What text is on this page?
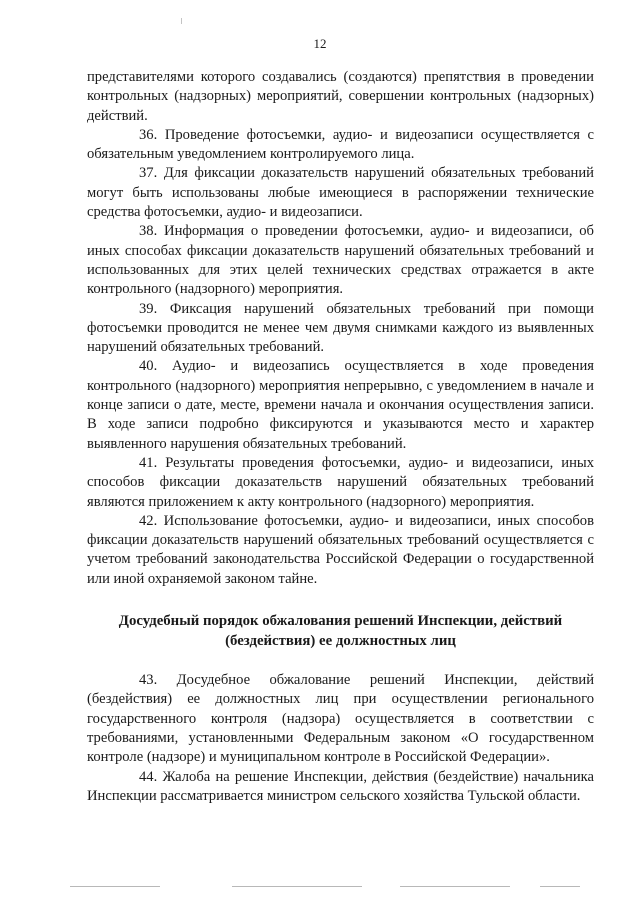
12

представителями которого создавались (создаются) препятствия в проведении контрольных (надзорных) мероприятий, совершении контрольных (надзорных) действий.

36. Проведение фотосъемки, аудио- и видеозаписи осуществляется с обязательным уведомлением контролируемого лица.

37. Для фиксации доказательств нарушений обязательных требований могут быть использованы любые имеющиеся в распоряжении технические средства фотосъемки, аудио- и видеозаписи.

38. Информация о проведении фотосъемки, аудио- и видеозаписи, об иных способах фиксации доказательств нарушений обязательных требований и использованных для этих целей технических средствах отражается в акте контрольного (надзорного) мероприятия.

39. Фиксация нарушений обязательных требований при помощи фотосъемки проводится не менее чем двумя снимками каждого из выявленных нарушений обязательных требований.

40. Аудио- и видеозапись осуществляется в ходе проведения контрольного (надзорного) мероприятия непрерывно, с уведомлением в начале и конце записи о дате, месте, времени начала и окончания осуществления записи. В ходе записи подробно фиксируются и указываются место и характер выявленного нарушения обязательных требований.

41. Результаты проведения фотосъемки, аудио- и видеозаписи, иных способов фиксации доказательств нарушений обязательных требований являются приложением к акту контрольного (надзорного) мероприятия.

42. Использование фотосъемки, аудио- и видеозаписи, иных способов фиксации доказательств нарушений обязательных требований осуществляется с учетом требований законодательства Российской Федерации о государственной или иной охраняемой законом тайне.

Досудебный порядок обжалования решений Инспекции, действий
(бездействия) ее должностных лиц

43. Досудебное обжалование решений Инспекции, действий (бездействия) ее должностных лиц при осуществлении регионального государственного контроля (надзора) осуществляется в соответствии с требованиями, установленными Федеральным законом «О государственном контроле (надзоре) и муниципальном контроле в Российской Федерации».

44. Жалоба на решение Инспекции, действия (бездействие) начальника Инспекции рассматривается министром сельского хозяйства Тульской области.
